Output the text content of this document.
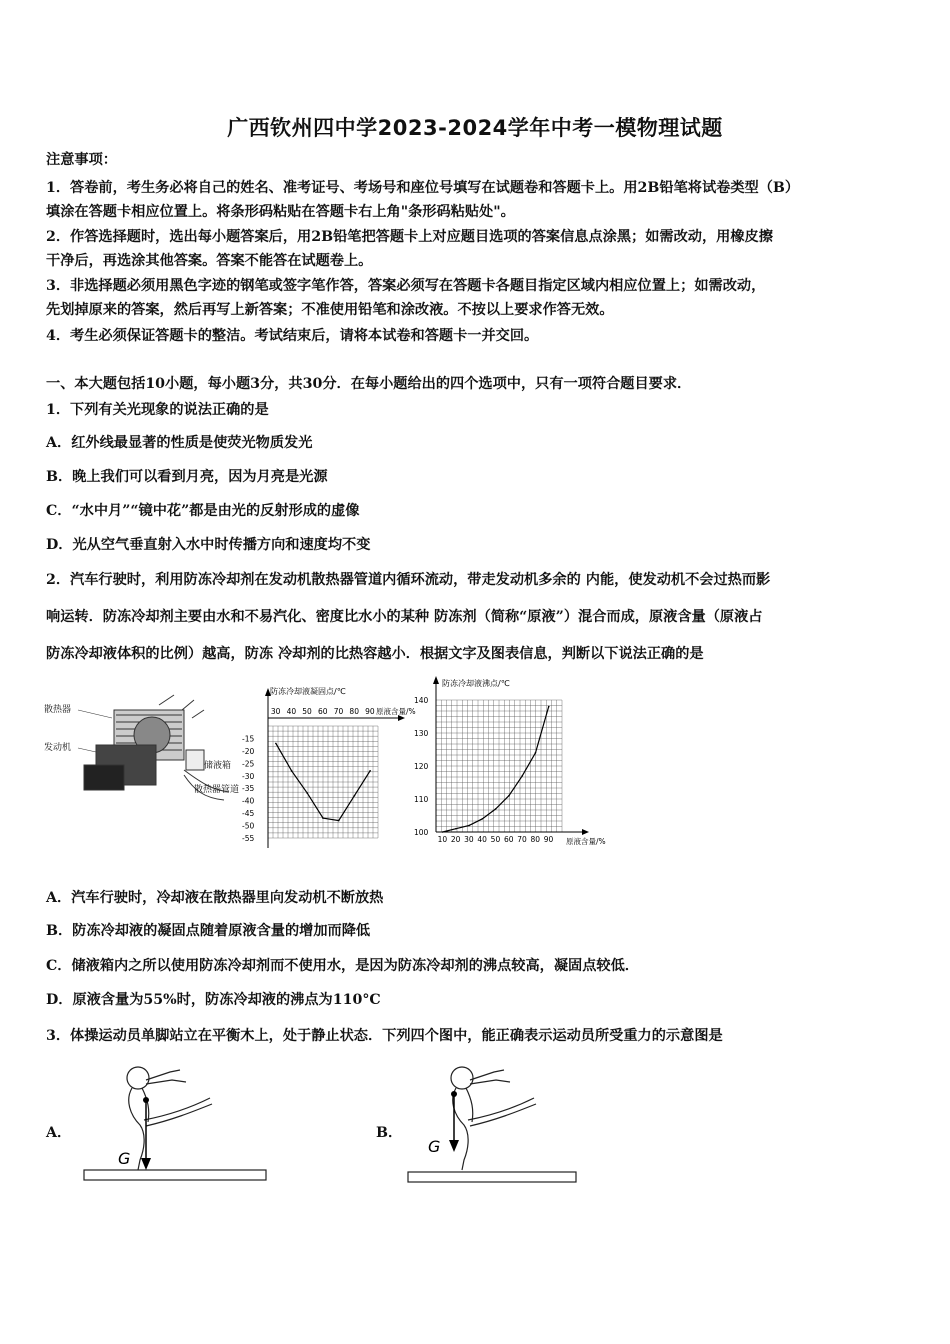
广西钦州四中学2023-2024学年中考一模物理试题
注意事项：
1．答卷前，考生务必将自己的姓名、准考证号、考场号和座位号填写在试题卷和答题卡上。用2B铅笔将试卷类型（B）
填涂在答题卡相应位置上。将条形码粘贴在答题卡右上角"条形码粘贴处"。
2．作答选择题时，选出每小题答案后，用2B铅笔把答题卡上对应题目选项的答案信息点涂黑；如需改动，用橡皮擦
干净后，再选涂其他答案。答案不能答在试题卷上。
3．非选择题必须用黑色字迹的钢笔或签字笔作答，答案必须写在答题卡各题目指定区域内相应位置上；如需改动，
先划掉原来的答案，然后再写上新答案；不准使用铅笔和涂改液。不按以上要求作答无效。
4．考生必须保证答题卡的整洁。考试结束后，请将本试卷和答题卡一并交回。
一、本大题包括10小题，每小题3分，共30分．在每小题给出的四个选项中，只有一项符合题目要求．
1．下列有关光现象的说法正确的是
A．红外线最显著的性质是使荧光物质发光
B．晚上我们可以看到月亮，因为月亮是光源
C．“水中月”“镜中花”都是由光的反射形成的虚像
D．光从空气垂直射入水中时传播方向和速度均不变
2．汽车行驶时，利用防冻冷却剂在发动机散热器管道内循环流动，带走发动机多余的 内能，使发动机不会过热而影
响运转．防冻冷却剂主要由水和不易汽化、密度比水小的某种 防冻剂（简称“原液”）混合而成，原液含量（原液占
防冻冷却液体积的比例）越高，防冻 冷却剂的比热容越小．根据文字及图表信息，判断以下说法正确的是
散热器
发动机
储液箱
散热器管道
防冻冷却液凝固点/℃
原液含量/%
30 40 50 60 70 80 90
-15
-20
-25
-30
-35
-40
-45
-50
-55
防冻冷却液沸点/℃
原液含量/%
10 20 30 40 50 60 70 80 90
100
110
120
130
140
A．汽车行驶时，冷却液在散热器里向发动机不断放热
B．防冻冷却液的凝固点随着原液含量的增加而降低
C．储液箱内之所以使用防冻冷却剂而不使用水，是因为防冻冷却剂的沸点较高，凝固点较低．
D．原液含量为55%时，防冻冷却液的沸点为110°C
3．体操运动员单脚站立在平衡木上，处于静止状态．下列四个图中，能正确表示运动员所受重力的示意图是
A．	B．
G
G
